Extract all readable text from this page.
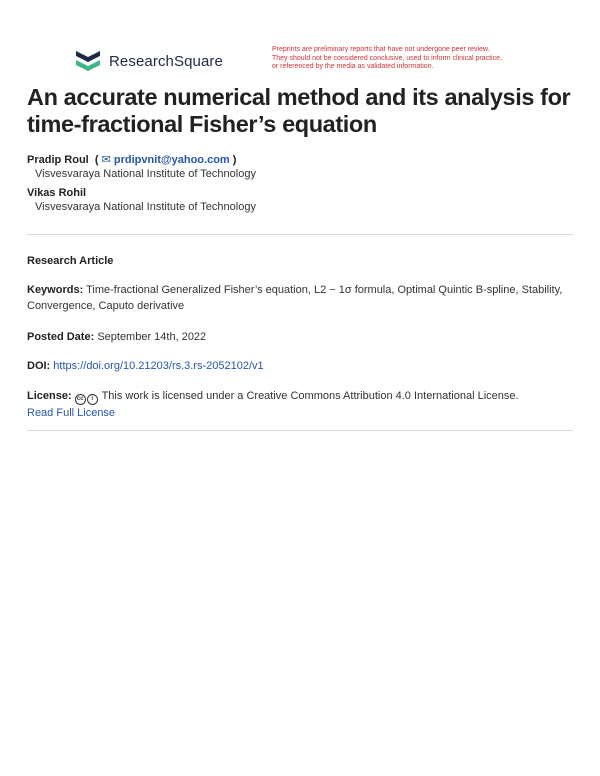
ResearchSquare
Preprints are preliminary reports that have not undergone peer review.
They should not be considered conclusive, used to inform clinical practice,
or referenced by the media as validated information.
An accurate numerical method and its analysis for time-fractional Fisher’s equation
Pradip Roul  ( ✉ prdipvnit@yahoo.com )
Visvesvaraya National Institute of Technology
Vikas Rohil
Visvesvaraya National Institute of Technology
Research Article
Keywords: Time-fractional Generalized Fisher’s equation, L2 − 1σ formula, Optimal Quintic B-spline, Stability, Convergence, Caputo derivative
Posted Date: September 14th, 2022
DOI: https://doi.org/10.21203/rs.3.rs-2052102/v1
License: cc i This work is licensed under a Creative Commons Attribution 4.0 International License.
Read Full License
